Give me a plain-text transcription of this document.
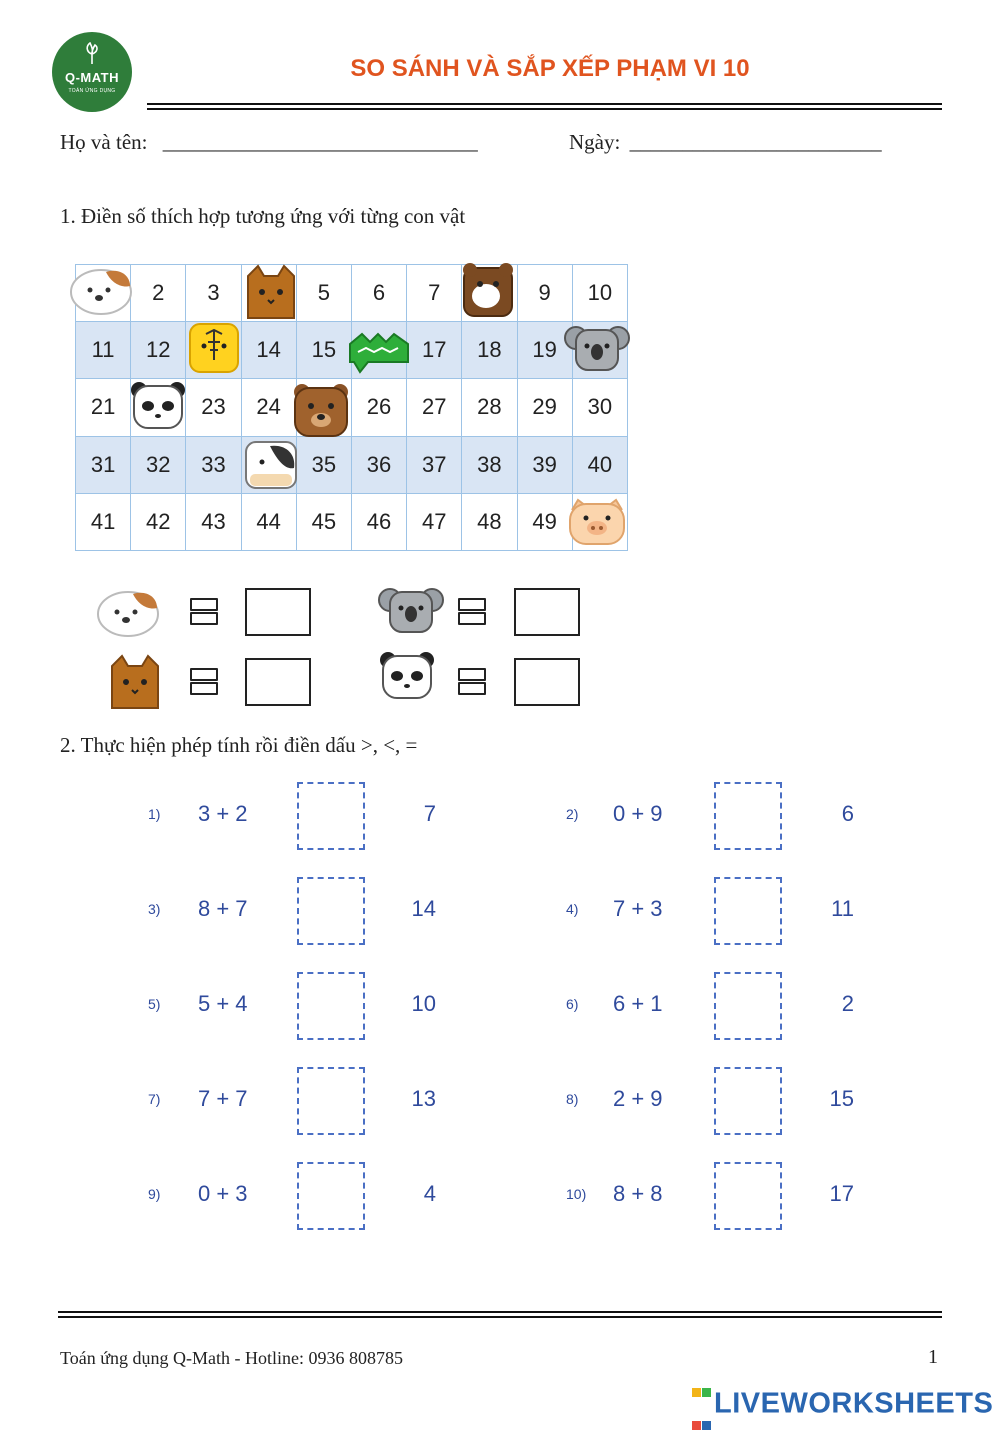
Q-MATH
TOÁN ỨNG DỤNG
SO SÁNH VÀ SẮP XẾP PHẠM VI 10
Họ và tên: ______________________________	Ngày: ________________________
1. Điền số thích hợp tương ứng với từng con vật
	2	3		5	6	7		9	10
11	12		14	15		17	18	19	
21		23	24		26	27	28	29	30
31	32	33		35	36	37	38	39	40
41	42	43	44	45	46	47	48	49	
2. Thực hiện phép tính rồi điền dấu >, <, =
1) 3 + 2	7	2) 0 + 9	6
3) 8 + 7	14	4) 7 + 3	11
5) 5 + 4	10	6) 6 + 1	2
7) 7 + 7	13	8) 2 + 9	15
9) 0 + 3	4	10) 8 + 8	17
Toán ứng dụng Q-Math - Hotline: 0936 808785	1

LIVEWORKSHEETS
